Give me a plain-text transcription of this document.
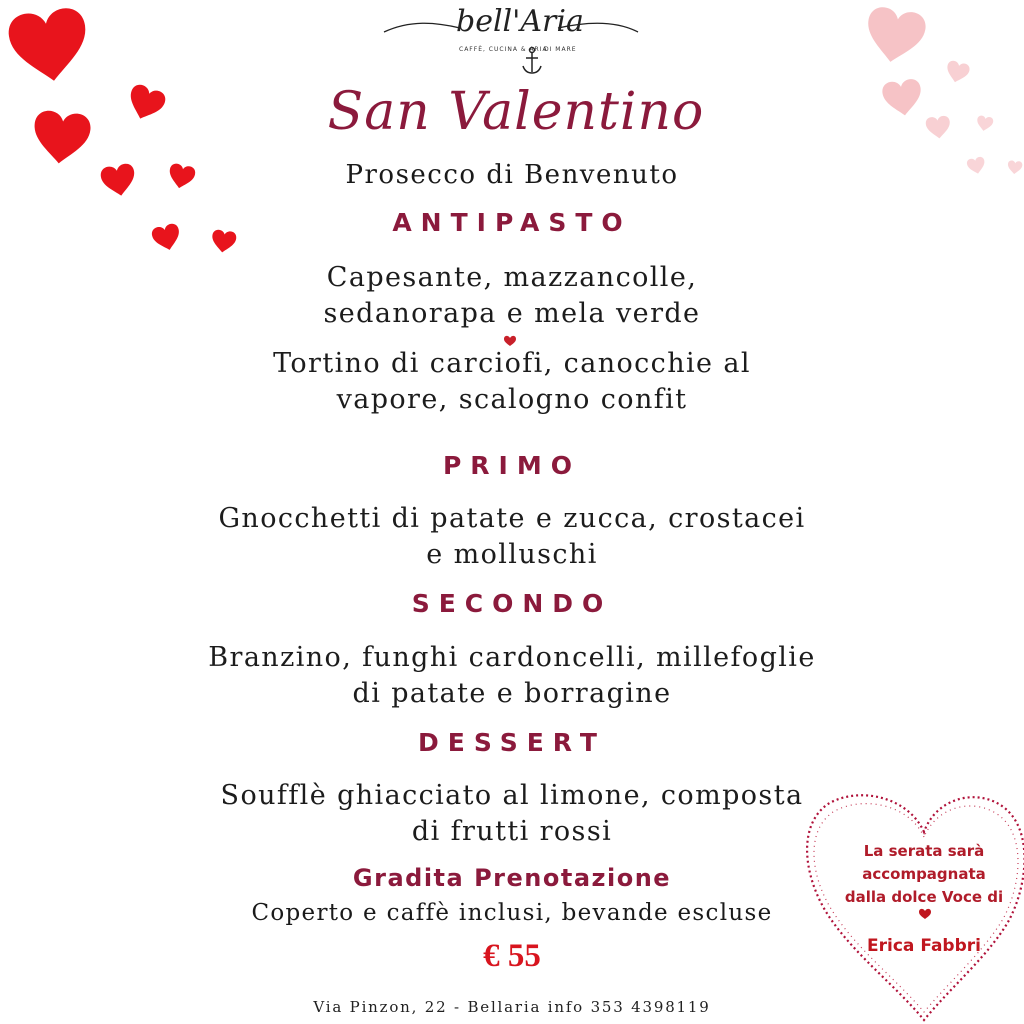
bell'Aria
CAFFÈ, CUCINA & ARIA
DI MARE
San Valentino
Prosecco di Benvenuto
ANTIPASTO
Capesante, mazzancolle,
sedanorapa e mela verde
Tortino di carciofi, canocchie al
vapore, scalogno confit
PRIMO
Gnocchetti di patate e zucca, crostacei
e molluschi
SECONDO
Branzino, funghi cardoncelli, millefoglie
di patate e borragine
DESSERT
Soufflè ghiacciato al limone, composta
di frutti rossi
Gradita Prenotazione
Coperto e caffè inclusi, bevande escluse
€ 55
Via Pinzon, 22 - Bellaria info 353 4398119
La serata sarà
accompagnata
dalla dolce Voce di
Erica Fabbri
